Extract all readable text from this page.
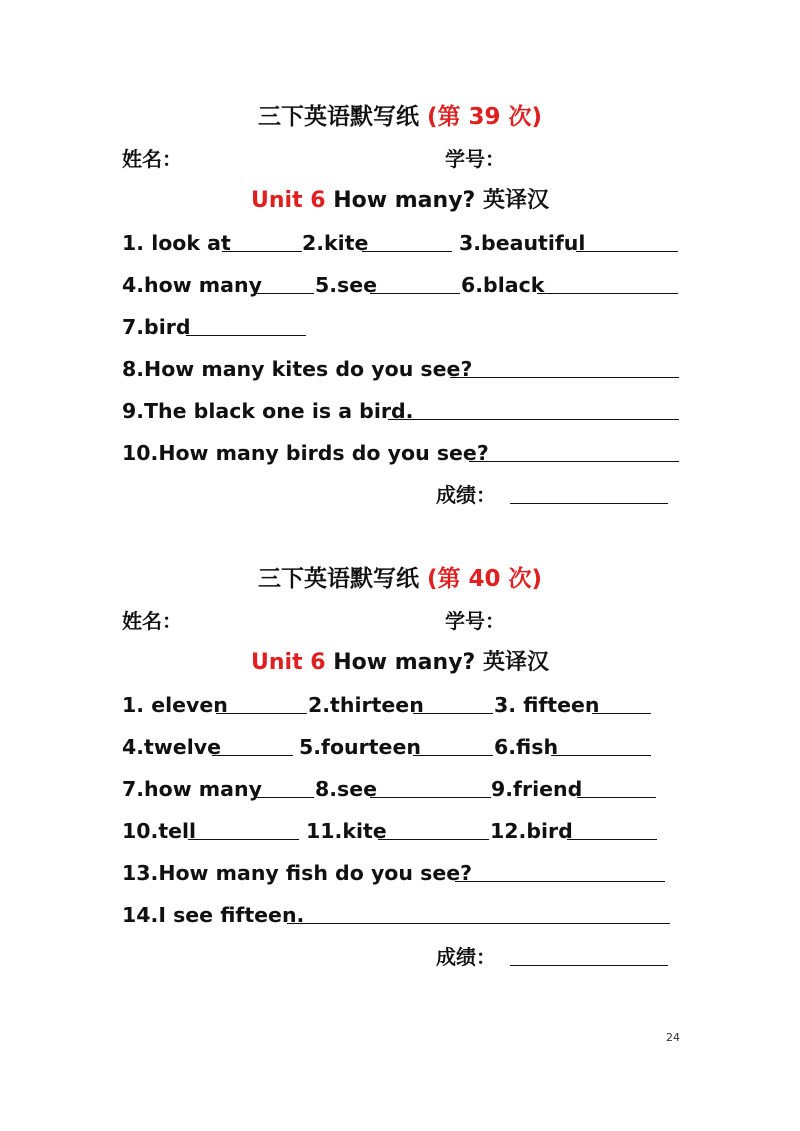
三下英语默写纸 (第 39 次)
姓名：	学号：
Unit 6 How many? 英译汉
1. look at	2.kite	3.beautiful
4.how many	5.see	6.black
7.bird
8.How many kites do you see?
9.The black one is a bird.
10.How many birds do you see?
成绩：
三下英语默写纸 (第 40 次)
姓名：	学号：
Unit 6 How many? 英译汉
1. eleven	2.thirteen	3. fifteen
4.twelve	5.fourteen	6.fish
7.how many	8.see	9.friend
10.tell	11.kite	12.bird
13.How many fish do you see?
14.I see fifteen.
成绩：
24
